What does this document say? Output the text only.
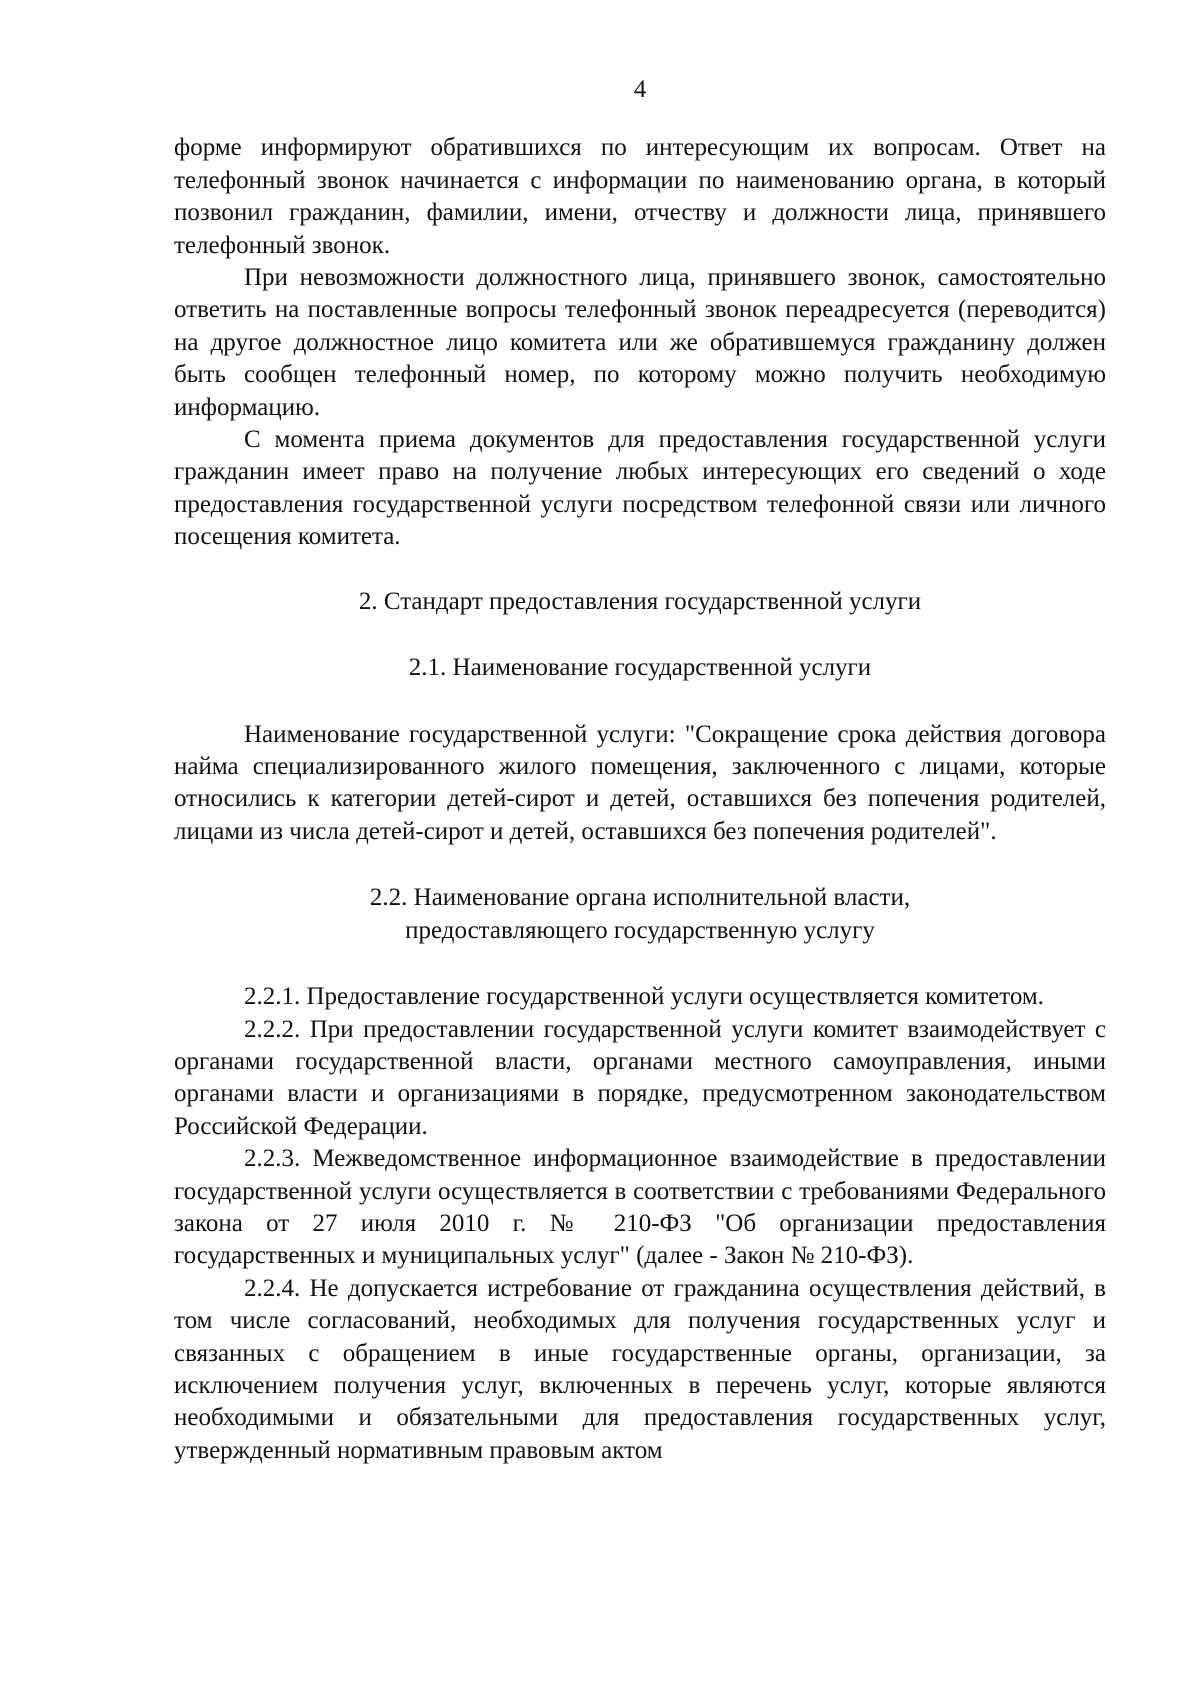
4

форме информируют обратившихся по интересующим их вопросам. Ответ на телефонный звонок начинается с информации по наименованию органа, в который позвонил гражданин, фамилии, имени, отчеству и должности лица, принявшего телефонный звонок.

При невозможности должностного лица, принявшего звонок, самостоятельно ответить на поставленные вопросы телефонный звонок переадресуется (переводится) на другое должностное лицо комитета или же обратившемуся гражданину должен быть сообщен телефонный номер, по которому можно получить необходимую информацию.

С момента приема документов для предоставления государственной услуги гражданин имеет право на получение любых интересующих его сведений о ходе предоставления государственной услуги посредством телефонной связи или личного посещения комитета.

2. Стандарт предоставления государственной услуги
2.1. Наименование государственной услуги

Наименование государственной услуги: "Сокращение срока действия договора найма специализированного жилого помещения, заключенного с лицами, которые относились к категории детей-сирот и детей, оставшихся без попечения родителей, лицами из числа детей-сирот и детей, оставшихся без попечения родителей".

2.2. Наименование органа исполнительной власти,
предоставляющего государственную услугу

2.2.1. Предоставление государственной услуги осуществляется комитетом.

2.2.2. При предоставлении государственной услуги комитет взаимодействует с органами государственной власти, органами местного самоуправления, иными органами власти и организациями в порядке, предусмотренном законодательством Российской Федерации.

2.2.3. Межведомственное информационное взаимодействие в предоставлении государственной услуги осуществляется в соответствии с требованиями Федерального закона от 27 июля 2010 г. № 210-ФЗ "Об организации предоставления государственных и муниципальных услуг" (далее - Закон № 210-ФЗ).

2.2.4. Не допускается истребование от гражданина осуществления действий, в том числе согласований, необходимых для получения государственных услуг и связанных с обращением в иные государственные органы, организации, за исключением получения услуг, включенных в перечень услуг, которые являются необходимыми и обязательными для предоставления государственных услуг, утвержденный нормативным правовым актом
